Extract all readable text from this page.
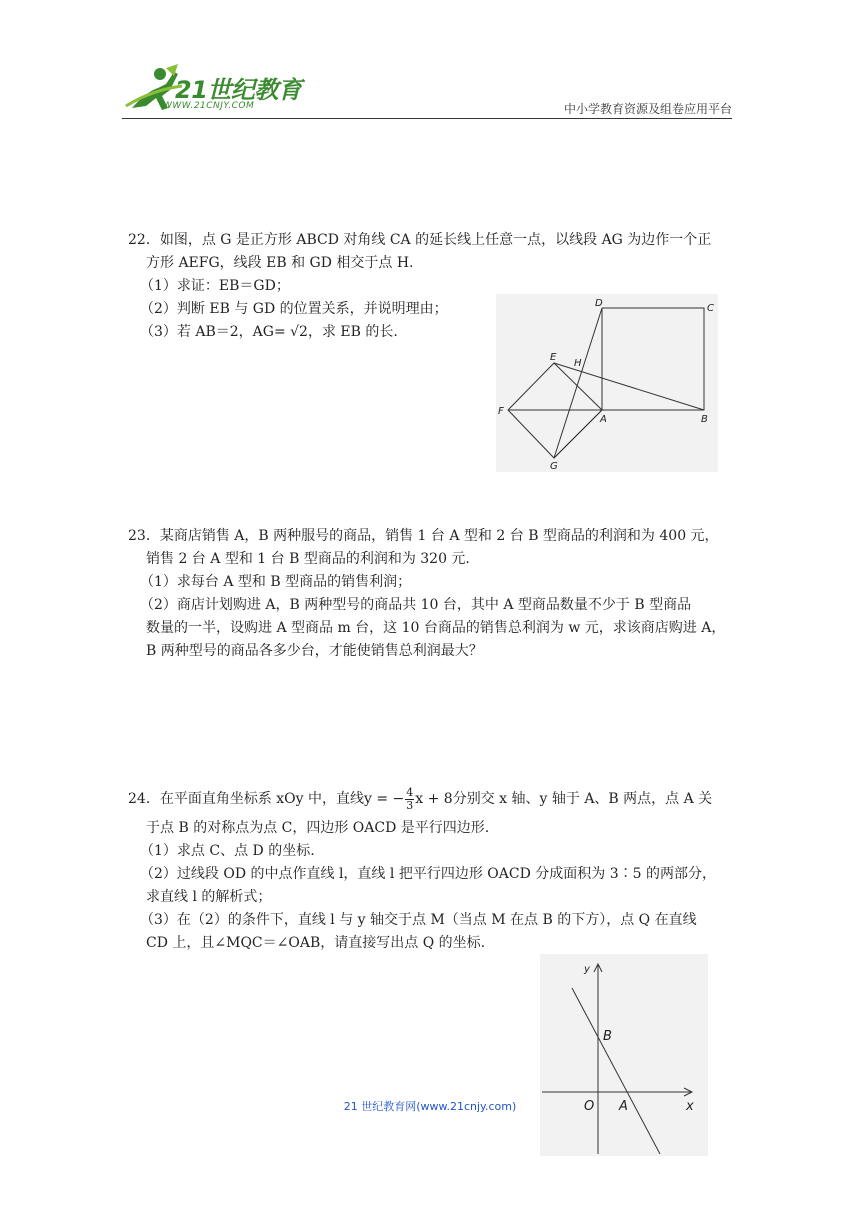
21世纪教育
WWW.21CNJY.COM	中小学教育资源及组卷应用平台
22．如图，点 G 是正方形 ABCD 对角线 CA 的延长线上任意一点，以线段 AG 为边作一个正
方形 AEFG，线段 EB 和 GD 相交于点 H.
（1）求证：EB＝GD；
（2）判断 EB 与 GD 的位置关系，并说明理由；
（3）若 AB＝2，AG= √2，求 EB 的长.
D	C
E
H
F
A	B
G
23．某商店销售 A，B 两种服号的商品，销售 1 台 A 型和 2 台 B 型商品的利润和为 400 元，
销售 2 台 A 型和 1 台 B 型商品的利润和为 320 元.
（1）求每台 A 型和 B 型商品的销售利润；
（2）商店计划购进 A，B 两种型号的商品共 10 台，其中 A 型商品数量不少于 B 型商品
数量的一半，设购进 A 型商品 m 台，这 10 台商品的销售总利润为 w 元，求该商店购进 A，
B 两种型号的商品各多少台，才能使销售总利润最大？
24．在平面直角坐标系 xOy 中，直线y = − $\frac{4}{3}$ x + 8分别交 x 轴、y 轴于 A、B 两点，点 A 关
于点 B 的对称点为点 C，四边形 OACD 是平行四边形.
（1）求点 C、点 D 的坐标.
（2）过线段 OD 的中点作直线 l，直线 l 把平行四边形 OACD 分成面积为 3∶5 的两部分，
求直线 l 的解析式；
（3）在（2）的条件下，直线 l 与 y 轴交于点 M（当点 M 在点 B 的下方），点 Q 在直线
CD 上，且∠MQC＝∠OAB，请直接写出点 Q 的坐标.
y
B
O A	x
21 世纪教育网(www.21cnjy.com)
